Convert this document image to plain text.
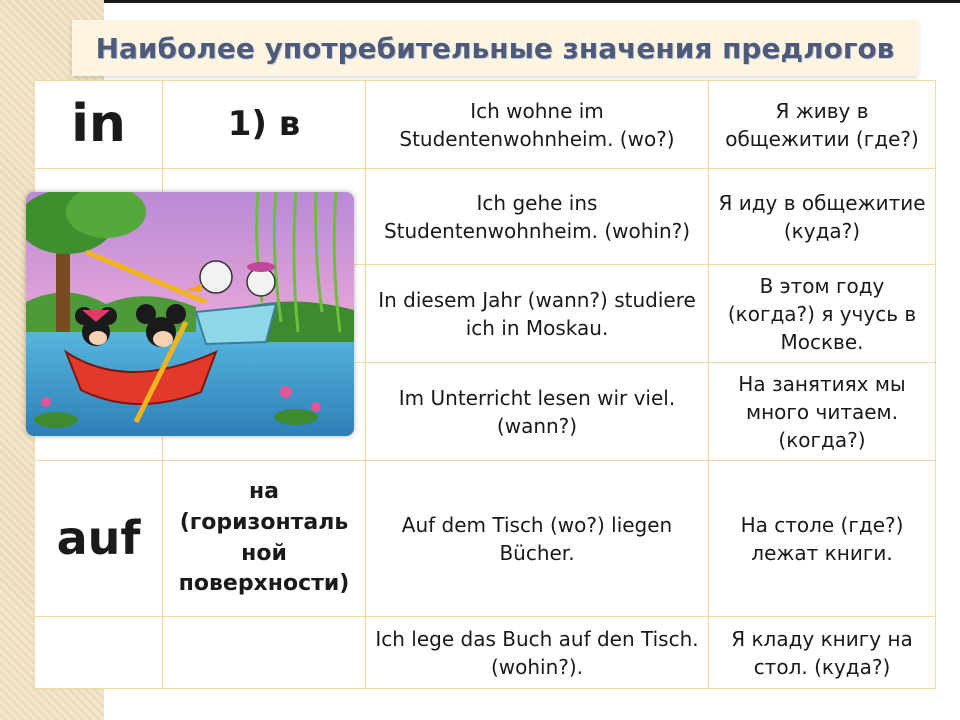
Наиболее употребительные значения предлогов
in	1) в	Ich wohne im Studentenwohnheim. (wo?)	Я живу в общежитии (где?)
		Ich gehe ins Studentenwohnheim. (wohin?)	Я иду в общежитие (куда?)
		In diesem Jahr (wann?) studiere ich in Moskau.	В этом году (когда?) я учусь в Москве.
		Im Unterricht lesen wir viel. (wann?)	На занятиях мы много читаем. (когда?)
auf	на (горизонталь ной поверхности)	Auf dem Tisch (wo?) liegen Bücher.	На столе (где?) лежат книги.
		Ich lege das Buch auf den Tisch. (wohin?).	Я кладу книгу на стол. (куда?)
